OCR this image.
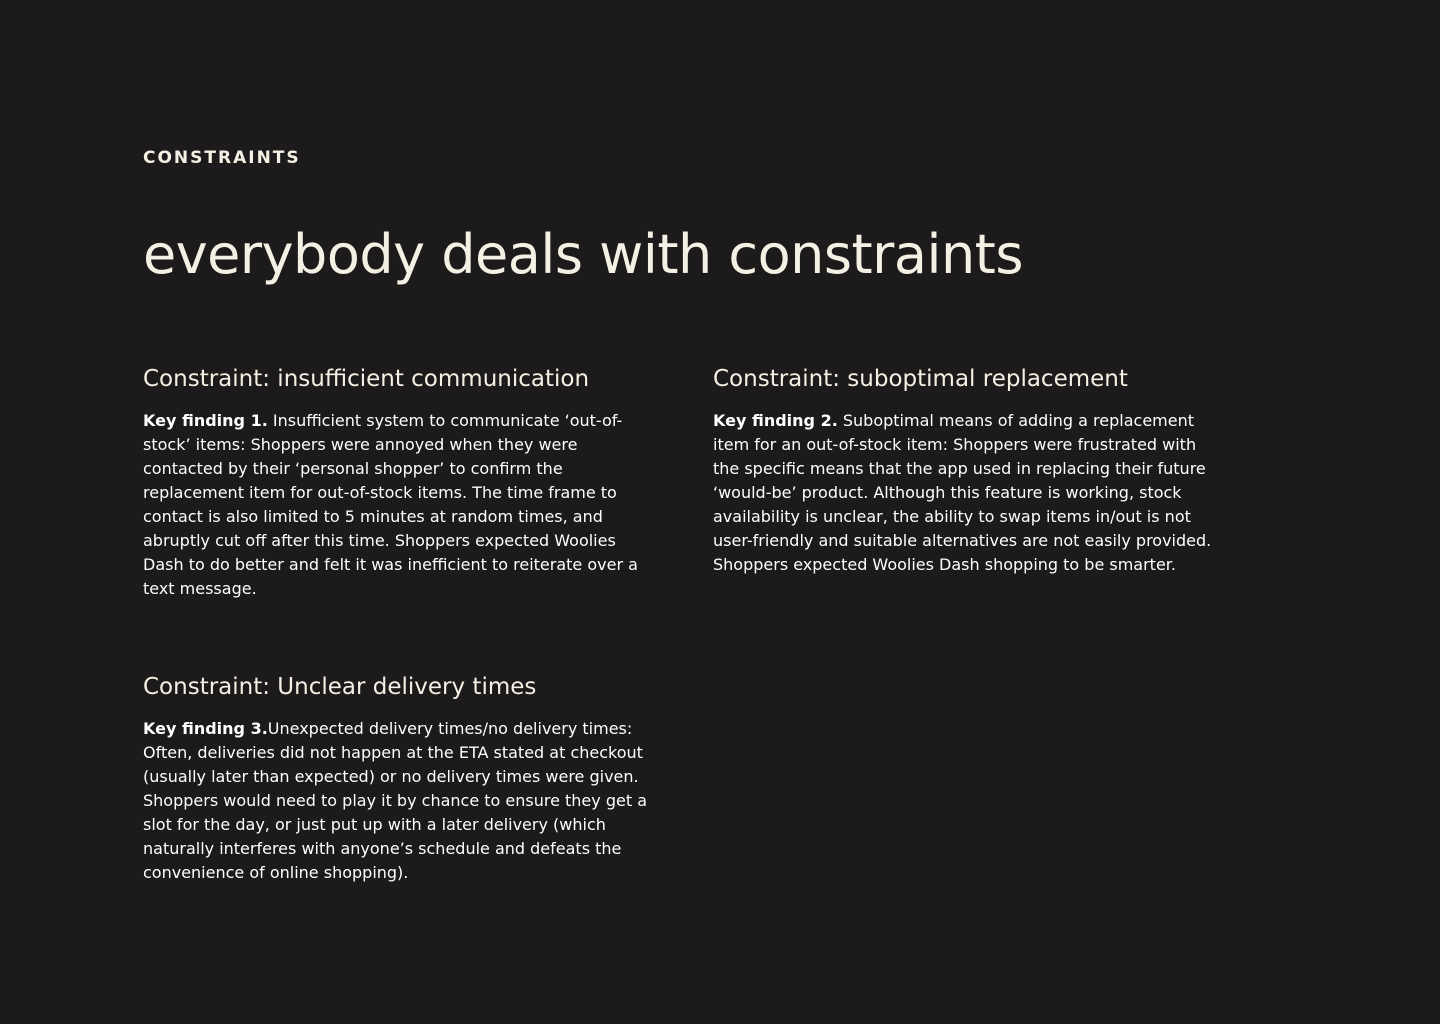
CONSTRAINTS
everybody deals with constraints
Constraint: insufficient communication

Key finding 1. Insufficient system to communicate ‘out-of-stock’ items: Shoppers were annoyed when they were contacted by their ‘personal shopper’ to confirm the replacement item for out-of-stock items. The time frame to contact is also limited to 5 minutes at random times, and abruptly cut off after this time. Shoppers expected Woolies Dash to do better and felt it was inefficient to reiterate over a text message.

Constraint: suboptimal replacement

Key finding 2. Suboptimal means of adding a replacement item for an out-of-stock item: Shoppers were frustrated with the specific means that the app used in replacing their future ‘would-be’ product. Although this feature is working, stock availability is unclear, the ability to swap items in/out is not user-friendly and suitable alternatives are not easily provided. Shoppers expected Woolies Dash shopping to be smarter.

Constraint: Unclear delivery times

Key finding 3.Unexpected delivery times/no delivery times: Often, deliveries did not happen at the ETA stated at checkout (usually later than expected) or no delivery times were given. Shoppers would need to play it by chance to ensure they get a slot for the day, or just put up with a later delivery (which naturally interferes with anyone’s schedule and defeats the convenience of online shopping).
